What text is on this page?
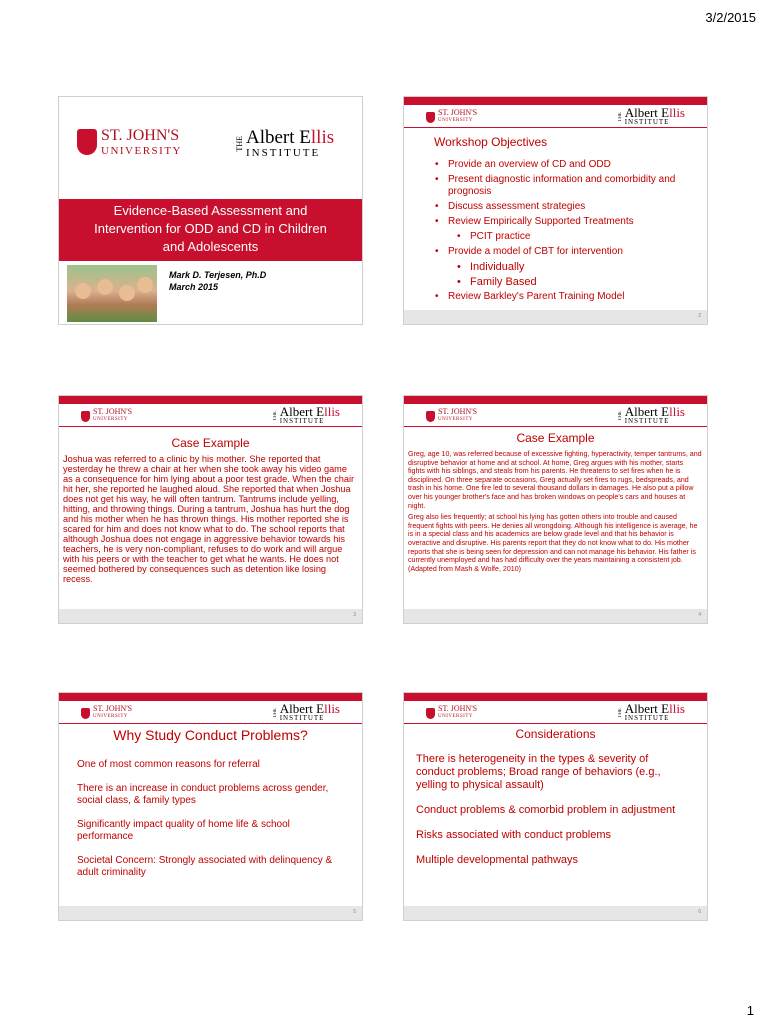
3/2/2015
ST. JOHN'S
UNIVERSITY	THE Albert Ellis
INSTITUTE
Evidence-Based Assessment and Intervention for ODD and CD in Children and Adolescents
Mark D. Terjesen, Ph.D
March 2015
ST. JOHN'S
UNIVERSITY	THE Albert Ellis
INSTITUTE
Workshop Objectives
• Provide an overview of CD and ODD
• Present diagnostic information and comorbidity and prognosis
• Discuss assessment strategies
• Review Empirically Supported Treatments
• PCIT practice
• Provide a model of CBT for intervention
• Individually
• Family Based
• Review Barkley's Parent Training Model
2
ST. JOHN'S
UNIVERSITY	THE Albert Ellis
INSTITUTE
Case Example
Joshua was referred to a clinic by his mother. She reported that yesterday he threw a chair at her when she took away his video game as a consequence for him lying about a poor test grade. When the chair hit her, she reported he laughed aloud. She reported that when Joshua does not get his way, he will often tantrum. Tantrums include yelling, hitting, and throwing things. During a tantrum, Joshua has hurt the dog and his mother when he has thrown things. His mother reported she is scared for him and does not know what to do. The school reports that although Joshua does not engage in aggressive behavior towards his teachers, he is very non-compliant, refuses to do work and will argue with his peers or with the teacher to get what he wants. He does not seemed bothered by consequences such as detention like losing recess.
3
ST. JOHN'S
UNIVERSITY	THE Albert Ellis
INSTITUTE
Case Example
Greg, age 10, was referred because of excessive fighting, hyperactivity, temper tantrums, and disruptive behavior at home and at school. At home, Greg argues with his mother, starts fights with his siblings, and steals from his parents. He threatens to set fires when he is disciplined. On three separate occasions, Greg actually set fires to rugs, bedspreads, and trash in his home. One fire led to several thousand dollars in damages. He also put a pillow over his younger brother's face and has broken windows on people's cars and houses at night.
Greg also lies frequently; at school his lying has gotten others into trouble and caused frequent fights with peers. He denies all wrongdoing. Although his intelligence is average, he is in a special class and his academics are below grade level and that his behavior is overactive and disruptive. His parents report that they do not know what to do. His mother reports that she is being seen for depression and can not manage his behavior. His father is currently unemployed and has had difficulty over the years maintaining a consistent job. (Adapted from Mash & Wolfe, 2010)
4
ST. JOHN'S
UNIVERSITY	THE Albert Ellis
INSTITUTE
Why Study Conduct Problems?
One of most common reasons for referral
There is an increase in conduct problems across gender, social class, & family types
Significantly impact quality of home life & school performance
Societal Concern: Strongly associated with delinquency & adult criminality
5
ST. JOHN'S
UNIVERSITY	THE Albert Ellis
INSTITUTE
Considerations
There is heterogeneity in the types & severity of conduct problems; Broad range of behaviors (e.g., yelling to physical assault)
Conduct problems & comorbid problem in adjustment
Risks associated with conduct problems
Multiple developmental pathways
6
1
